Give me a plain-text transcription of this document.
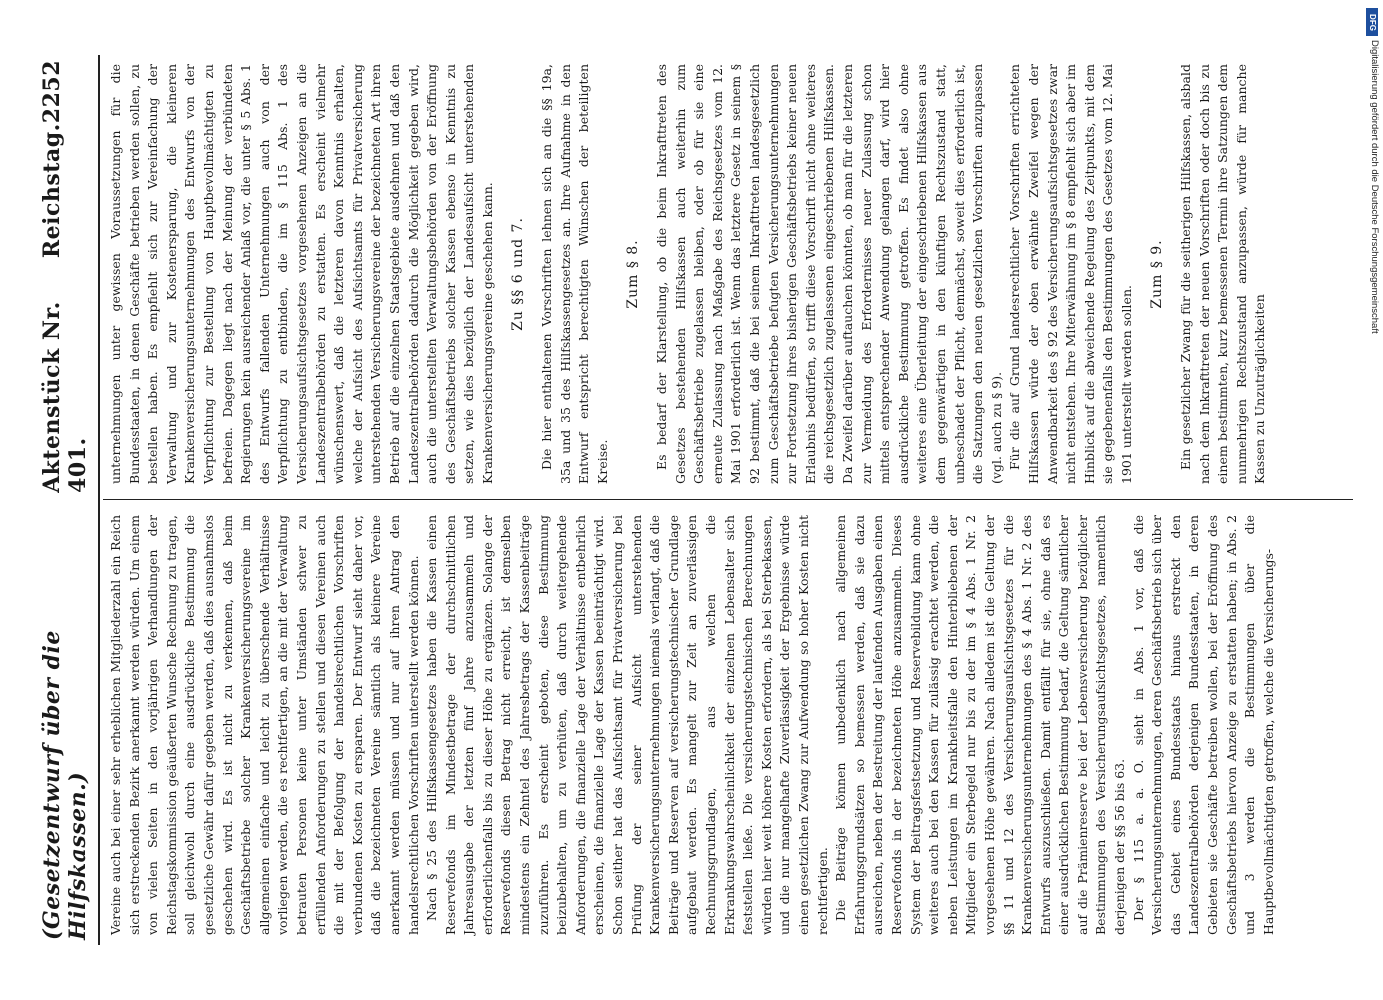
(Gesetzentwurf über die Hilfskassen.)
Aktenstück Nr. 401.
Reichstag.
2252

Vereine auch bei einer sehr erheblichen Mitgliederzahl ein Reich sich erstreckenden Bezirk anerkannt werden würden. Um einem von vielen Seiten in den vorjährigen Verhandlungen der Reichstagskommission geäußerten Wunsche Rechnung zu tragen, soll gleichwohl durch eine ausdrückliche Bestimmung die gesetzliche Gewähr dafür gegeben werden, daß dies ausnahmslos geschehen wird. Es ist nicht zu verkennen, daß beim Geschäftsbetriebe solcher Krankenversicherungsvereine im allgemeinen einfache und leicht zu überschende Verhältnisse vorliegen werden, die es rechtfertigen, an die mit der Verwaltung betrauten Personen keine unter Umständen schwer zu erfüllenden Anforderungen zu stellen und diesen Vereinen auch die mit der Befolgung der handelsrechtlichen Vorschriften verbundenen Kosten zu ersparen. Der Entwurf sieht daher vor, daß die bezeichneten Vereine sämtlich als kleinere Vereine anerkannt werden müssen und nur auf ihren Antrag den handelsrechtlichen Vorschriften unterstellt werden können. Nach § 25 des Hilfskassengesetzes haben die Kassen einen Reservefonds im Mindestbetrage der durchschnittlichen Jahresausgabe der letzten fünf Jahre anzusammeln und erforderlichenfalls bis zu dieser Höhe zu ergänzen. Solange der Reservefonds diesen Betrag nicht erreicht, ist demselben mindestens ein Zehntel des Jahresbetrags der Kassenbeiträge zuzuführen. Es erscheint geboten, diese Bestimmung beizubehalten, um zu verhüten, daß durch weitergehende Anforderungen, die finanzielle Lage der Verhältnisse entbehrlich erscheinen, die finanzielle Lage der Kassen beeinträchtigt wird. Schon seither hat das Aufsichtsamt für Privatversicherung bei Prüfung der seiner Aufsicht unterstehenden Krankenversicherungsunternehmungen niemals verlangt, daß die Beiträge und Reserven auf versicherungstechnischer Grundlage aufgebaut werden. Es mangelt zur Zeit an zuverlässigen Rechnungsgrundlagen, aus welchen die Erkrankungswahrscheinlichkeit der einzelnen Lebensalter sich feststellen ließe. Die versicherungstechnischen Berechnungen würden hier weit höhere Kosten erfordern, als bei Sterbekassen, und die nur mangelhafte Zuverlässigkeit der Ergebnisse würde einen gesetzlichen Zwang zur Aufwendung so hoher Kosten nicht rechtfertigen. Die Beiträge können unbedenklich nach allgemeinen Erfahrungsgrundsätzen so bemessen werden, daß sie dazu ausreichen, neben der Bestreitung der laufenden Ausgaben einen Reservefonds in der bezeichneten Höhe anzusammeln. Dieses System der Beitragsfestsetzung und Reservebildung kann ohne weiteres auch bei den Kassen für zulässig erachtet werden, die neben Leistungen im Krankheitsfalle den Hinterbliebenen der Mitglieder ein Sterbegeld nur bis zu der im § 4 Abs. 1 Nr. 2 vorgesehenen Höhe gewähren. Nach alledem ist die Geltung der §§ 11 und 12 des Versicherungsaufsichtsgesetzes für die Krankenversicherungsunternehmungen des § 4 Abs. 1 Nr. 2 des Entwurfs auszuschließen. Damit entfällt für sie, ohne daß es einer ausdrücklichen Bestimmung bedarf, die Geltung sämtlicher auf die Prämienreserve bei der Lebensversicherung bezüglicher Bestimmungen des Versicherungsaufsichtsgesetzes, namentlich derjenigen der §§ 56 bis 63. Der § 115 a. a. O. sieht in Abs. 1 vor, daß die Versicherungsunternehmungen, deren Geschäftsbetrieb sich über das Gebiet eines Bundesstaats hinaus erstreckt den Landeszentralbehörden derjenigen Bundesstaaten, in deren Gebieten sie Geschäfte betreiben wollen, bei der Eröffnung des Geschäftsbetriebs hiervon Anzeige zu erstatten haben; in Abs. 2 und 3 werden die Bestimmungen über die Hauptbevollmächtigten getroffen, welche die Versicherungs-

unternehmungen unter gewissen Voraussetzungen für die Bundesstaaten, in denen Geschäfte betrieben werden sollen, zu bestellen haben. Es empfiehlt sich zur Vereinfachung der Verwaltung und zur Kostenersparung, die kleineren Krankenversicherungsunternehmungen des Entwurfs von der Verpflichtung zur Bestellung von Hauptbevollmächtigten zu befreien. Dagegen liegt nach der Meinung der verbündeten Regierungen kein ausreichender Anlaß vor, die unter § 5 Abs. 1 des Entwurfs fallenden Unternehmungen auch von der Verpflichtung zu entbinden, die im § 115 Abs. 1 des Versicherungsaufsichtsgesetzes vorgesehenen Anzeigen an die Landeszentralbehörden zu erstatten. Es erscheint vielmehr wünschenswert, daß die letzteren davon Kenntnis erhalten, welche der Aufsicht des Aufsichtsamts für Privatversicherung unterstehenden Versicherungsvereine der bezeichneten Art ihren Betrieb auf die einzelnen Staatsgebiete ausdehnen und daß den Landeszentralbehörden dadurch die Möglichkeit gegeben wird, auch die unterstellten Verwaltungsbehörden von der Eröffnung des Geschäftsbetriebs solcher Kassen ebenso in Kenntnis zu setzen, wie dies bezüglich der Landesaufsicht unterstehenden Krankenversicherungsvereine geschehen kann. Zu §§ 6 und 7. Die hier enthaltenen Vorschriften lehnen sich an die §§ 19a, 35a und 35 des Hilfskassengesetzes an. Ihre Aufnahme in den Entwurf entspricht berechtigten Wünschen der beteiligten Kreise.

Zum § 8. Es bedarf der Klarstellung, ob die beim Inkrafttreten des Gesetzes bestehenden Hilfskassen auch weiterhin zum Geschäftsbetriebe zugelassen bleiben, oder ob für sie eine erneute Zulassung nach Maßgabe des Reichsgesetzes vom 12. Mai 1901 erforderlich ist. Wenn das letztere Gesetz in seinem § 92 bestimmt, daß die bei seinem Inkrafttreten landesgesetzlich zum Geschäftsbetriebe befugten Versicherungsunternehmungen zur Fortsetzung ihres bisherigen Geschäftsbetriebs keiner neuen Erlaubnis bedürfen, so trifft diese Vorschrift nicht ohne weiteres die reichsgesetzlich zugelassenen eingeschriebenen Hilfskassen. Da Zweifel darüber auftauchen könnten, ob man für die letzteren zur Vermeidung des Erfordernisses neuer Zulassung schon mittels entsprechender Anwendung gelangen darf, wird hier ausdrückliche Bestimmung getroffen. Es findet also ohne weiteres eine Überleitung der eingeschriebenen Hilfskassen aus dem gegenwärtigen in den künftigen Rechtszustand statt, unbeschadet der Pflicht, demnächst, soweit dies erforderlich ist, die Satzungen den neuen gesetzlichen Vorschriften anzupassen (vgl. auch zu § 9). Für die auf Grund landesrechtlicher Vorschriften errichteten Hilfskassen würde der oben erwähnte Zweifel wegen der Anwendbarkeit des § 92 des Versicherungsaufsichtsgesetzes zwar nicht entstehen. Ihre Miterwähnung im § 8 empfiehlt sich aber im Hinblick auf die abweichende Regelung des Zeitpunkts, mit dem sie gegebenenfalls den Bestimmungen des Gesetzes vom 12. Mai 1901 unterstellt werden sollen.

Zum § 9. Ein gesetzlicher Zwang für die seitherigen Hilfskassen, alsbald nach dem Inkrafttreten der neuen Vorschriften oder doch bis zu einem bestimmten, kurz bemessenen Termin ihre Satzungen dem nunmehrigen Rechtszustand anzupassen, würde für manche Kassen zu Unzuträglichkeiten

DFG
Digitalisierung gefördert durch die Deutsche Forschungsgemeinschaft
